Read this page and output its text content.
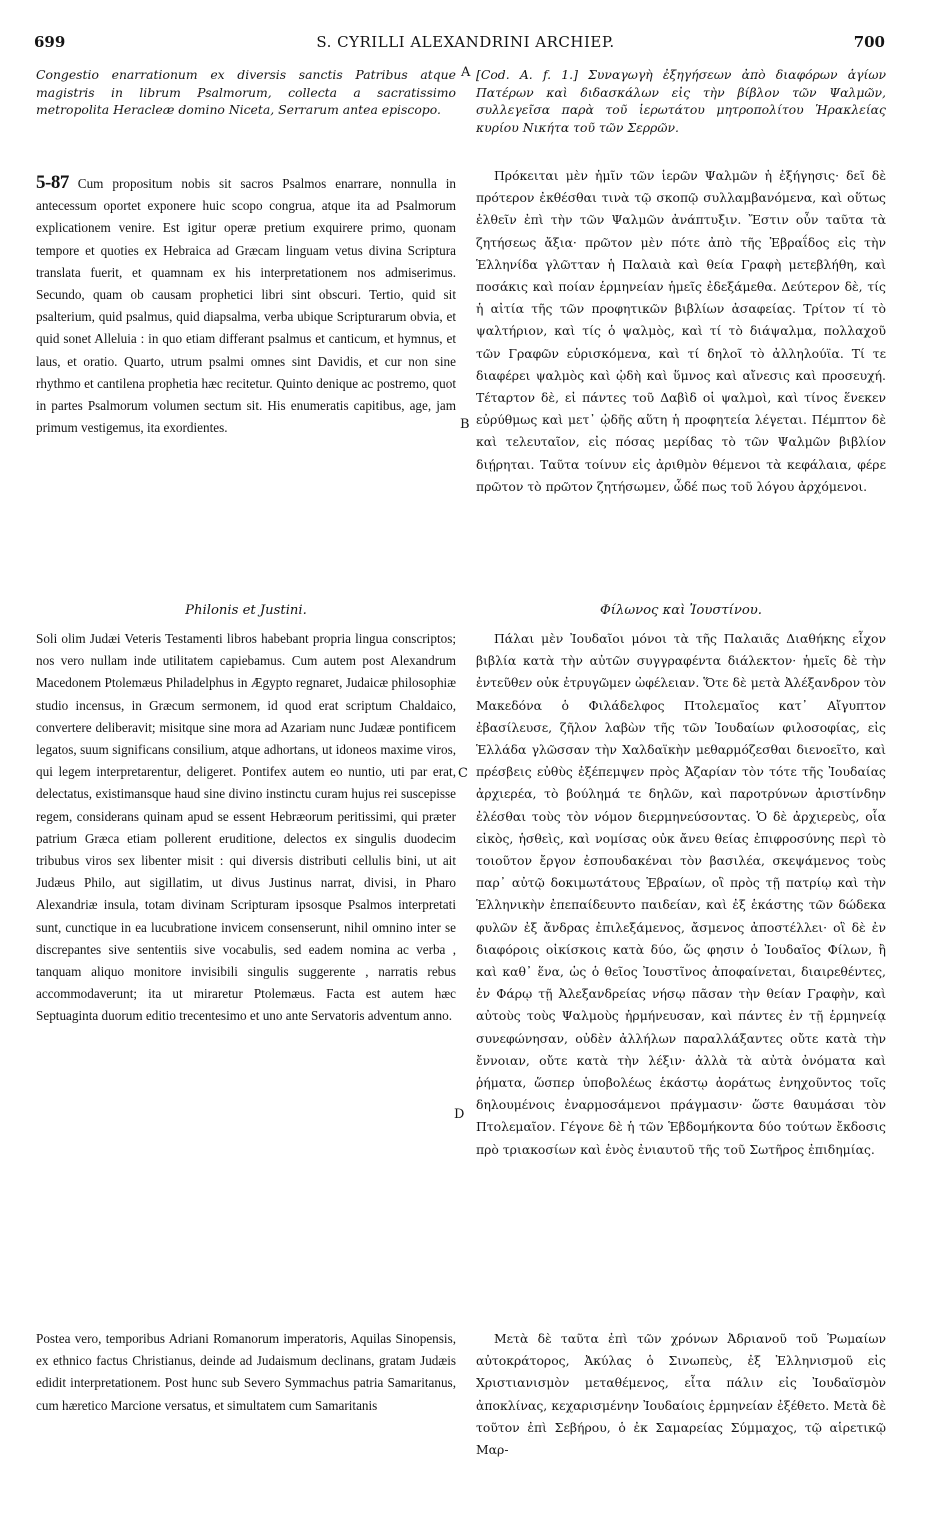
699	S. CYRILLI ALEXANDRINI ARCHIEP.	700
A
B
C
D
Congestio enarrationum ex diversis sanctis Patribus atque magistris in librum Psalmorum, collecta a sacratissimo metropolita Heracleæ domino Niceta, Serrarum antea episcopo.
5-87 Cum propositum nobis sit sacros Psalmos enarrare, nonnulla in antecessum oportet exponere huic scopo congrua, atque ita ad Psalmorum explicationem venire. Est igitur operæ pretium exquirere primo, quonam tempore et quoties ex Hebraica ad Græcam linguam vetus divina Scriptura translata fuerit, et quamnam ex his interpretationem nos admiserimus. Secundo, quam ob causam prophetici libri sint obscuri. Tertio, quid sit psalterium, quid psalmus, quid diapsalma, verba ubique Scripturarum obvia, et quid sonet Alleluia : in quo etiam differant psalmus et canticum, et hymnus, et laus, et oratio. Quarto, utrum psalmi omnes sint Davidis, et cur non sine rhythmo et cantilena prophetia hæc recitetur. Quinto denique ac postremo, quot in partes Psalmorum volumen sectum sit. His enumeratis capitibus, age, jam primum vestigemus, ita exordientes.
Philonis et Justini.
Soli olim Judæi Veteris Testamenti libros habebant propria lingua conscriptos; nos vero nullam inde utilitatem capiebamus. Cum autem post Alexandrum Macedonem Ptolemæus Philadelphus in Ægypto regnaret, Judaicæ philosophiæ studio incensus, in Græcum sermonem, id quod erat scriptum Chaldaico, convertere deliberavit; misitque sine mora ad Azariam nunc Judææ pontificem legatos, suum significans consilium, atque adhortans, ut idoneos maxime viros, qui legem interpretarentur, deligeret. Pontifex autem eo nuntio, uti par erat, delectatus, existimansque haud sine divino instinctu curam hujus rei suscepisse regem, considerans quinam apud se essent Hebræorum peritissimi, qui præter patrium Græca etiam pollerent eruditione, delectos ex singulis duodecim tribubus viros sex libenter misit : qui diversis distributi cellulis bini, ut ait Judæus Philo, aut sigillatim, ut divus Justinus narrat, divisi, in Pharo Alexandriæ insula, totam divinam Scripturam ipsosque Psalmos interpretati sunt, cunctique in ea lucubratione invicem consenserunt, nihil omnino inter se discrepantes sive sententiis sive vocabulis, sed eadem nomina ac verba , tanquam aliquo monitore invisibili singulis suggerente , narratis rebus accommodaverunt; ita ut miraretur Ptolemæus. Facta est autem hæc Septuaginta duorum editio trecentesimo et uno ante Servatoris adventum anno.
Postea vero, temporibus Adriani Romanorum imperatoris, Aquilas Sinopensis, ex ethnico factus Christianus, deinde ad Judaismum declinans, gratam Judæis edidit interpretationem. Post hunc sub Severo Symmachus patria Samaritanus, cum hæretico Marcione versatus, et simultatem cum Samaritanis
[Cod. A. f. 1.] Συναγωγὴ ἐξηγήσεων ἀπὸ διαφόρων ἁγίων Πατέρων καὶ διδασκάλων εἰς τὴν βίβλον τῶν Ψαλμῶν, συλλεγεῖσα παρὰ τοῦ ἱερωτάτου μητροπολίτου Ἡρακλείας κυρίου Νικήτα τοῦ τῶν Σερρῶν.
Πρόκειται μὲν ἡμῖν τῶν ἱερῶν Ψαλμῶν ἡ ἐξήγησις· δεῖ δὲ πρότερον ἐκθέσθαι τινὰ τῷ σκοπῷ συλλαμβανόμενα, καὶ οὕτως ἐλθεῖν ἐπὶ τὴν τῶν Ψαλμῶν ἀνάπτυξιν. Ἔστιν οὖν ταῦτα τὰ ζητήσεως ἄξια· πρῶτον μὲν πότε ἀπὸ τῆς Ἑβραΐδος εἰς τὴν Ἑλληνίδα γλῶτταν ἡ Παλαιὰ καὶ θεία Γραφὴ μετεβλήθη, καὶ ποσάκις καὶ ποίαν ἑρμηνείαν ἡμεῖς ἐδεξάμεθα. Δεύτερον δὲ, τίς ἡ αἰτία τῆς τῶν προφητικῶν βιβλίων ἀσαφείας. Τρίτον τί τὸ ψαλτήριον, καὶ τίς ὁ ψαλμὸς, καὶ τί τὸ διάψαλμα, πολλαχοῦ τῶν Γραφῶν εὑρισκόμενα, καὶ τί δηλοῖ τὸ ἀλληλούϊα. Τί τε διαφέρει ψαλμὸς καὶ ᾠδὴ καὶ ὕμνος καὶ αἴνεσις καὶ προσευχή. Τέταρτον δὲ, εἰ πάντες τοῦ Δαβὶδ οἱ ψαλμοὶ, καὶ τίνος ἕνεκεν εὐρύθμως καὶ μετ᾽ ᾠδῆς αὕτη ἡ προφητεία λέγεται. Πέμπτον δὲ καὶ τελευταῖον, εἰς πόσας μερίδας τὸ τῶν Ψαλμῶν βιβλίον διῄρηται. Ταῦτα τοίνυν εἰς ἀριθμὸν θέμενοι τὰ κεφάλαια, φέρε πρῶτον τὸ πρῶτον ζητήσωμεν, ὧδέ πως τοῦ λόγου ἀρχόμενοι.
Φίλωνος καὶ Ἰουστίνου.
Πάλαι μὲν Ἰουδαῖοι μόνοι τὰ τῆς Παλαιᾶς Διαθήκης εἶχον βιβλία κατὰ τὴν αὐτῶν συγγραφέντα διάλεκτον· ἡμεῖς δὲ τὴν ἐντεῦθεν οὐκ ἐτρυγῶμεν ὠφέλειαν. Ὅτε δὲ μετὰ Ἀλέξανδρον τὸν Μακεδόνα ὁ Φιλάδελφος Πτολεμαῖος κατ᾽ Αἴγυπτον ἐβασίλευσε, ζῆλον λαβὼν τῆς τῶν Ἰουδαίων φιλοσοφίας, εἰς Ἑλλάδα γλῶσσαν τὴν Χαλδαϊκὴν μεθαρμόζεσθαι διενοεῖτο, καὶ πρέσβεις εὐθὺς ἐξέπεμψεν πρὸς Ἀζαρίαν τὸν τότε τῆς Ἰουδαίας ἀρχιερέα, τὸ βούλημά τε δηλῶν, καὶ παροτρύνων ἀριστίνδην ἐλέσθαι τοὺς τὸν νόμον διερμηνεύσοντας. Ὁ δὲ ἀρχιερεὺς, οἷα εἰκὸς, ἡσθεὶς, καὶ νομίσας οὐκ ἄνευ θείας ἐπιφροσύνης περὶ τὸ τοιοῦτον ἔργον ἐσπουδακέναι τὸν βασιλέα, σκεψάμενος τοὺς παρ᾽ αὐτῷ δοκιμωτάτους Ἑβραίων, οἳ πρὸς τῇ πατρίῳ καὶ τὴν Ἑλληνικὴν ἐπεπαίδευντο παιδείαν, καὶ ἐξ ἑκάστης τῶν δώδεκα φυλῶν ἐξ ἄνδρας ἐπιλεξάμενος, ἄσμενος ἀποστέλλει· οἳ δὲ ἐν διαφόροις οἰκίσκοις κατὰ δύο, ὥς φησιν ὁ Ἰουδαῖος Φίλων, ἢ καὶ καθ᾽ ἕνα, ὡς ὁ θεῖος Ἰουστῖνος ἀποφαίνεται, διαιρεθέντες, ἐν Φάρῳ τῇ Ἀλεξανδρείας νήσῳ πᾶσαν τὴν θείαν Γραφὴν, καὶ αὐτοὺς τοὺς Ψαλμοὺς ἡρμήνευσαν, καὶ πάντες ἐν τῇ ἑρμηνείᾳ συνεφώνησαν, οὐδὲν ἀλλήλων παραλλάξαντες οὔτε κατὰ τὴν ἔννοιαν, οὔτε κατὰ τὴν λέξιν· ἀλλὰ τὰ αὐτὰ ὀνόματα καὶ ῥήματα, ὥσπερ ὑποβολέως ἑκάστῳ ἀοράτως ἐνηχοῦντος τοῖς δηλουμένοις ἐναρμοσάμενοι πράγμασιν· ὥστε θαυμάσαι τὸν Πτολεμαῖον. Γέγονε δὲ ἡ τῶν Ἑβδομήκοντα δύο τούτων ἔκδοσις πρὸ τριακοσίων καὶ ἑνὸς ἐνιαυτοῦ τῆς τοῦ Σωτῆρος ἐπιδημίας.
Μετὰ δὲ ταῦτα ἐπὶ τῶν χρόνων Ἀδριανοῦ τοῦ Ῥωμαίων αὐτοκράτορος, Ἀκύλας ὁ Σινωπεὺς, ἐξ Ἑλληνισμοῦ εἰς Χριστιανισμὸν μεταθέμενος, εἶτα πάλιν εἰς Ἰουδαϊσμὸν ἀποκλίνας, κεχαρισμένην Ἰουδαίοις ἑρμηνείαν ἐξέθετο. Μετὰ δὲ τοῦτον ἐπὶ Σεβήρου, ὁ ἐκ Σαμαρείας Σύμμαχος, τῷ αἱρετικῷ Μαρ-
